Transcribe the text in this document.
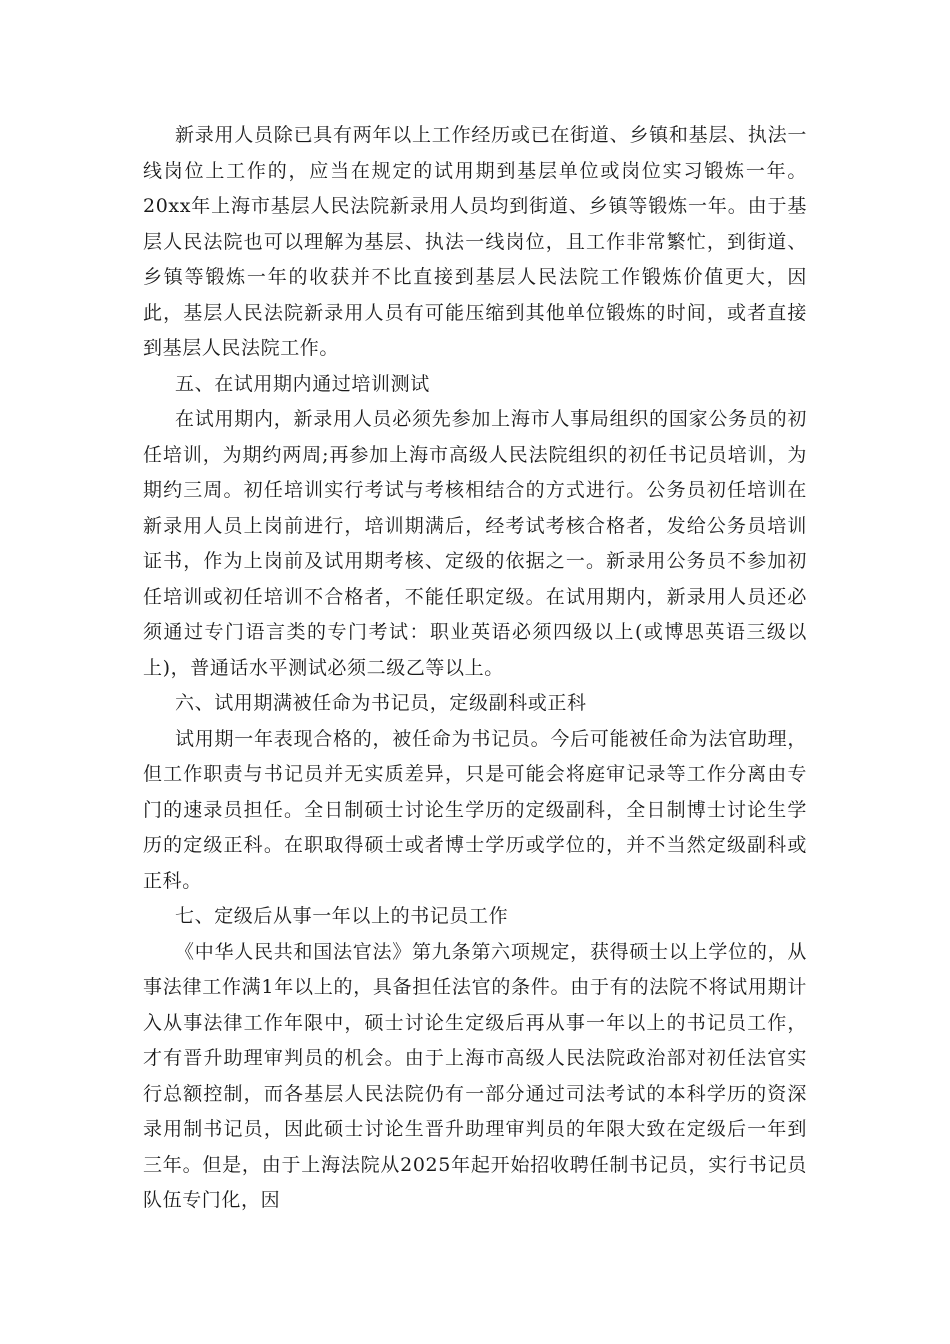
新录用人员除已具有两年以上工作经历或已在街道、乡镇和基层、执法一线岗位上工作的，应当在规定的试用期到基层单位或岗位实习锻炼一年。20xx年上海市基层人民法院新录用人员均到街道、乡镇等锻炼一年。由于基层人民法院也可以理解为基层、执法一线岗位，且工作非常繁忙，到街道、乡镇等锻炼一年的收获并不比直接到基层人民法院工作锻炼价值更大，因此，基层人民法院新录用人员有可能压缩到其他单位锻炼的时间，或者直接到基层人民法院工作。

五、在试用期内通过培训测试

在试用期内，新录用人员必须先参加上海市人事局组织的国家公务员的初任培训，为期约两周;再参加上海市高级人民法院组织的初任书记员培训，为期约三周。初任培训实行考试与考核相结合的方式进行。公务员初任培训在新录用人员上岗前进行，培训期满后，经考试考核合格者，发给公务员培训证书，作为上岗前及试用期考核、定级的依据之一。新录用公务员不参加初任培训或初任培训不合格者，不能任职定级。在试用期内，新录用人员还必须通过专门语言类的专门考试：职业英语必须四级以上(或博思英语三级以上)，普通话水平测试必须二级乙等以上。

六、试用期满被任命为书记员，定级副科或正科

试用期一年表现合格的，被任命为书记员。今后可能被任命为法官助理，但工作职责与书记员并无实质差异，只是可能会将庭审记录等工作分离由专门的速录员担任。全日制硕士讨论生学历的定级副科，全日制博士讨论生学历的定级正科。在职取得硕士或者博士学历或学位的，并不当然定级副科或正科。

七、定级后从事一年以上的书记员工作

《中华人民共和国法官法》第九条第六项规定，获得硕士以上学位的，从事法律工作满1年以上的，具备担任法官的条件。由于有的法院不将试用期计入从事法律工作年限中，硕士讨论生定级后再从事一年以上的书记员工作，才有晋升助理审判员的机会。由于上海市高级人民法院政治部对初任法官实行总额控制，而各基层人民法院仍有一部分通过司法考试的本科学历的资深录用制书记员，因此硕士讨论生晋升助理审判员的年限大致在定级后一年到三年。但是，由于上海法院从2025年起开始招收聘任制书记员，实行书记员队伍专门化，因
